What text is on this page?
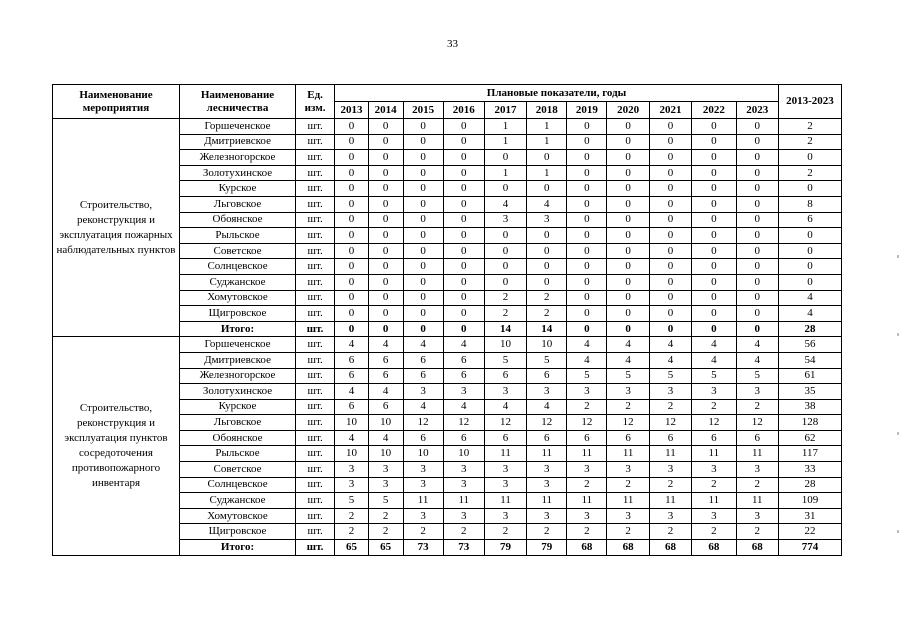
33
Наименование мероприятия	Наименование лесничества	Ед. изм.	Плановые показатели, годы											2013-2023
			2013	2014	2015	2016	2017	2018	2019	2020	2021	2022	2023	
Строительство, реконструкция и эксплуатация пожарных наблюдательных пунктов	Горшеченское	шт.	0	0	0	0	1	1	0	0	0	0	0	2
	Дмитриевское	шт.	0	0	0	0	1	1	0	0	0	0	0	2
	Железногорское	шт.	0	0	0	0	0	0	0	0	0	0	0	0
	Золотухинское	шт.	0	0	0	0	1	1	0	0	0	0	0	2
	Курское	шт.	0	0	0	0	0	0	0	0	0	0	0	0
	Льговское	шт.	0	0	0	0	4	4	0	0	0	0	0	8
	Обоянское	шт.	0	0	0	0	3	3	0	0	0	0	0	6
	Рыльское	шт.	0	0	0	0	0	0	0	0	0	0	0	0
	Советское	шт.	0	0	0	0	0	0	0	0	0	0	0	0
	Солнцевское	шт.	0	0	0	0	0	0	0	0	0	0	0	0
	Суджанское	шт.	0	0	0	0	0	0	0	0	0	0	0	0
	Хомутовское	шт.	0	0	0	0	2	2	0	0	0	0	0	4
	Щигровское	шт.	0	0	0	0	2	2	0	0	0	0	0	4
	Итого:	шт.	0	0	0	0	14	14	0	0	0	0	0	28
Строительство, реконструкция и эксплуатация пунктов сосредоточения противопожарного инвентаря	Горшеченское	шт.	4	4	4	4	10	10	4	4	4	4	4	56
	Дмитриевское	шт.	6	6	6	6	5	5	4	4	4	4	4	54
	Железногорское	шт.	6	6	6	6	6	6	5	5	5	5	5	61
	Золотухинское	шт.	4	4	3	3	3	3	3	3	3	3	3	35
	Курское	шт.	6	6	4	4	4	4	2	2	2	2	2	38
	Льговское	шт.	10	10	12	12	12	12	12	12	12	12	12	128
	Обоянское	шт.	4	4	6	6	6	6	6	6	6	6	6	62
	Рыльское	шт.	10	10	10	10	11	11	11	11	11	11	11	117
	Советское	шт.	3	3	3	3	3	3	3	3	3	3	3	33
	Солнцевское	шт.	3	3	3	3	3	3	2	2	2	2	2	28
	Суджанское	шт.	5	5	11	11	11	11	11	11	11	11	11	109
	Хомутовское	шт.	2	2	3	3	3	3	3	3	3	3	3	31
	Щигровское	шт.	2	2	2	2	2	2	2	2	2	2	2	22
	Итого:	шт.	65	65	73	73	79	79	68	68	68	68	68	774
